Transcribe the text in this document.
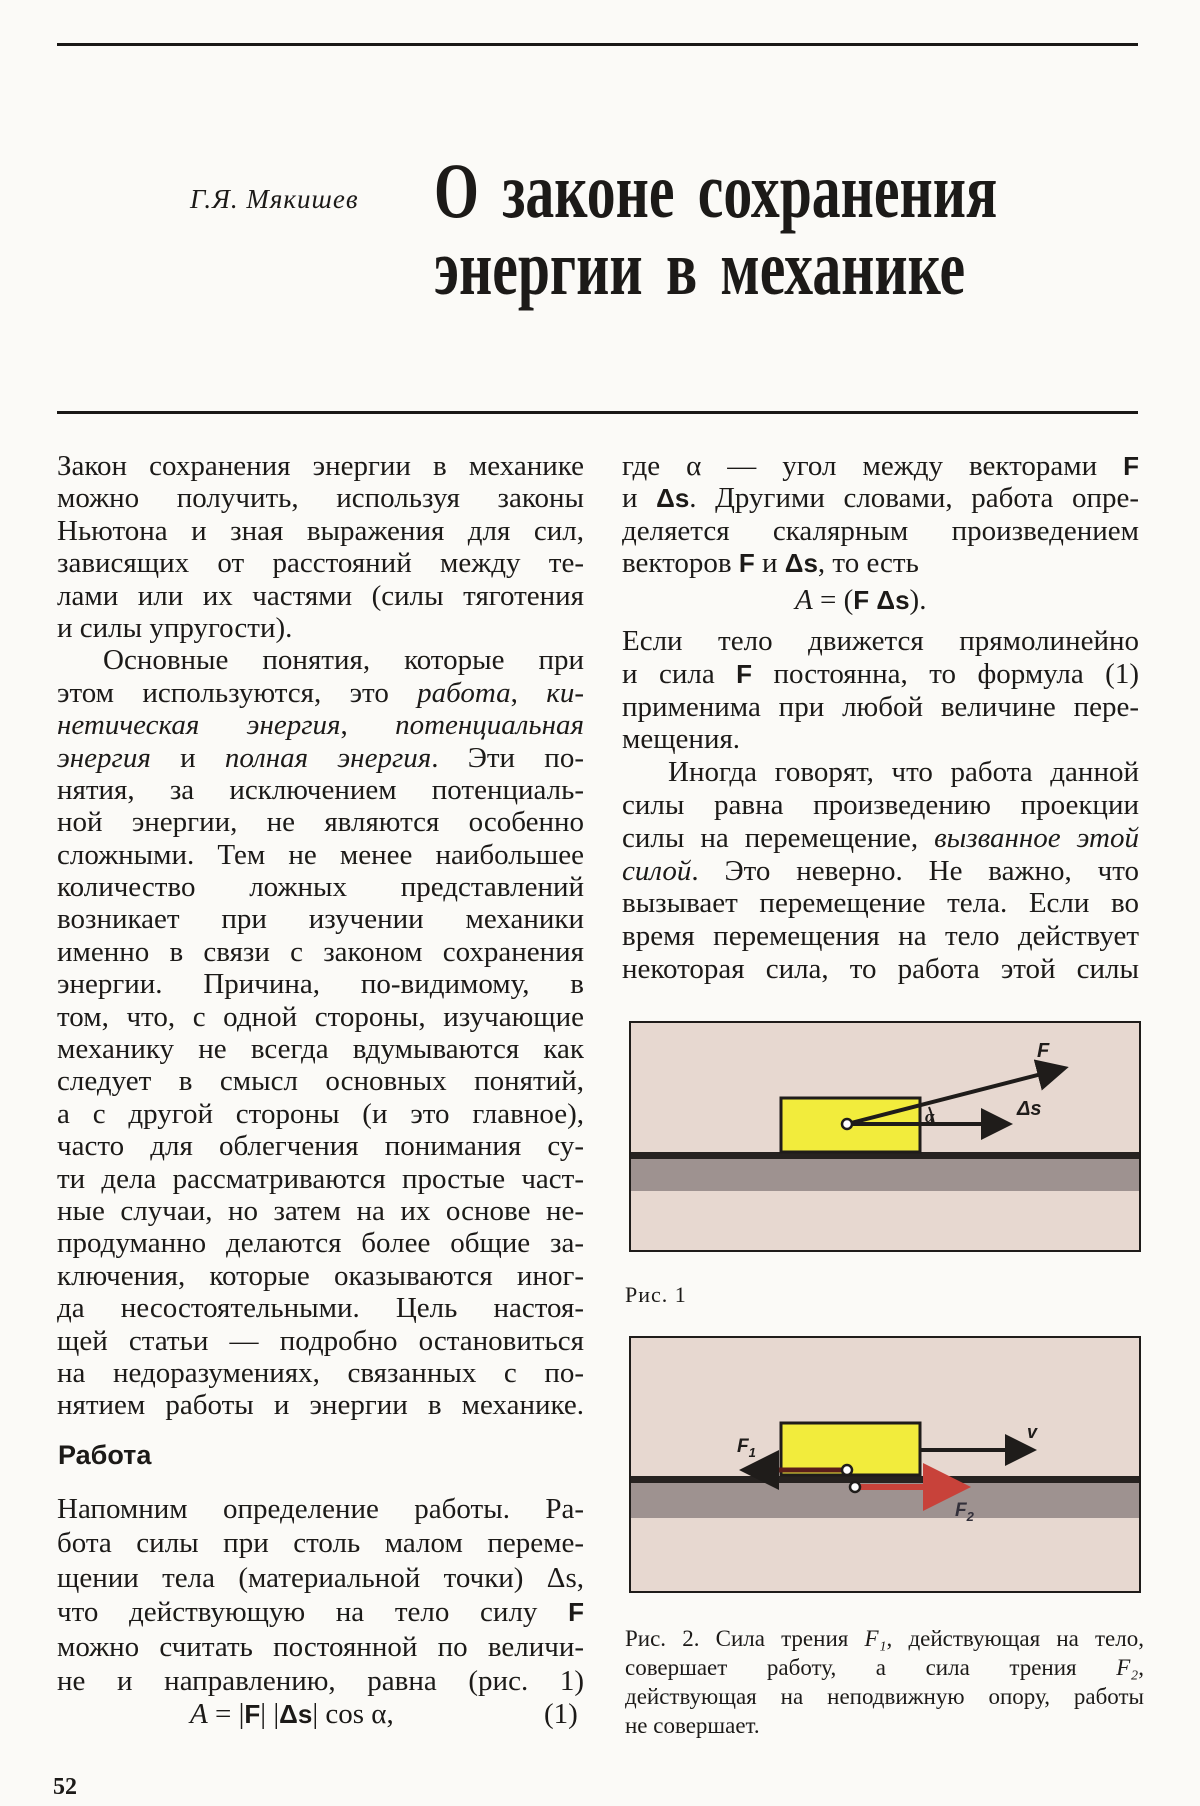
Г.Я. Мякишев О законе сохранения
энергии в механике
Закон сохранения энергии в механике
можно получить, используя законы
Ньютона и зная выражения для сил,
зависящих от расстояний между те-
лами или их частями (силы тяготения
и силы упругости).
Основные понятия, которые при
этом используются, это работа, ки-
нетическая энергия, потенциальная
энергия и полная энергия. Эти по-
нятия, за исключением потенциаль-
ной энергии, не являются особенно
сложными. Тем не менее наибольшее
количество ложных представлений
возникает при изучении механики
именно в связи с законом сохранения
энергии. Причина, по-видимому, в
том, что, с одной стороны, изучающие
механику не всегда вдумываются как
следует в смысл основных понятий,
а с другой стороны (и это главное),
часто для облегчения понимания су-
ти дела рассматриваются простые част-
ные случаи, но затем на их основе не-
продуманно делаются более общие за-
ключения, которые оказываются иног-
да несостоятельными. Цель настоя-
щей статьи — подробно остановиться
на недоразумениях, связанных с по-
нятием работы и энергии в механике.
Работа
Напомним определение работы. Ра-
бота силы при столь малом переме-
щении тела (материальной точки) Δs,
что действующую на тело силу F
можно считать постоянной по величи-
не и направлению, равна (рис. 1)
A = |F| |Δs| cos α,	(1)
где α — угол между векторами F
и Δs. Другими словами, работа опре-
деляется скалярным произведением
векторов F и Δs, то есть
A = (F Δs).
Если тело движется прямолинейно
и сила F постоянна, то формула (1)
применима при любой величине пере-
мещения.
Иногда говорят, что работа данной
силы равна произведению проекции
силы на перемещение, вызванное этой
силой. Это неверно. Не важно, что
вызывает перемещение тела. Если во
время перемещения на тело действует
некоторая сила, то работа этой силы
F
Δs
α
Рис. 1
v
$F_1$
$F_2$
Рис. 2. Сила трения F₁, действующая на тело,
совершает работу, а сила трения F₂,
действующая на неподвижную опору, работы
не совершает.
52
